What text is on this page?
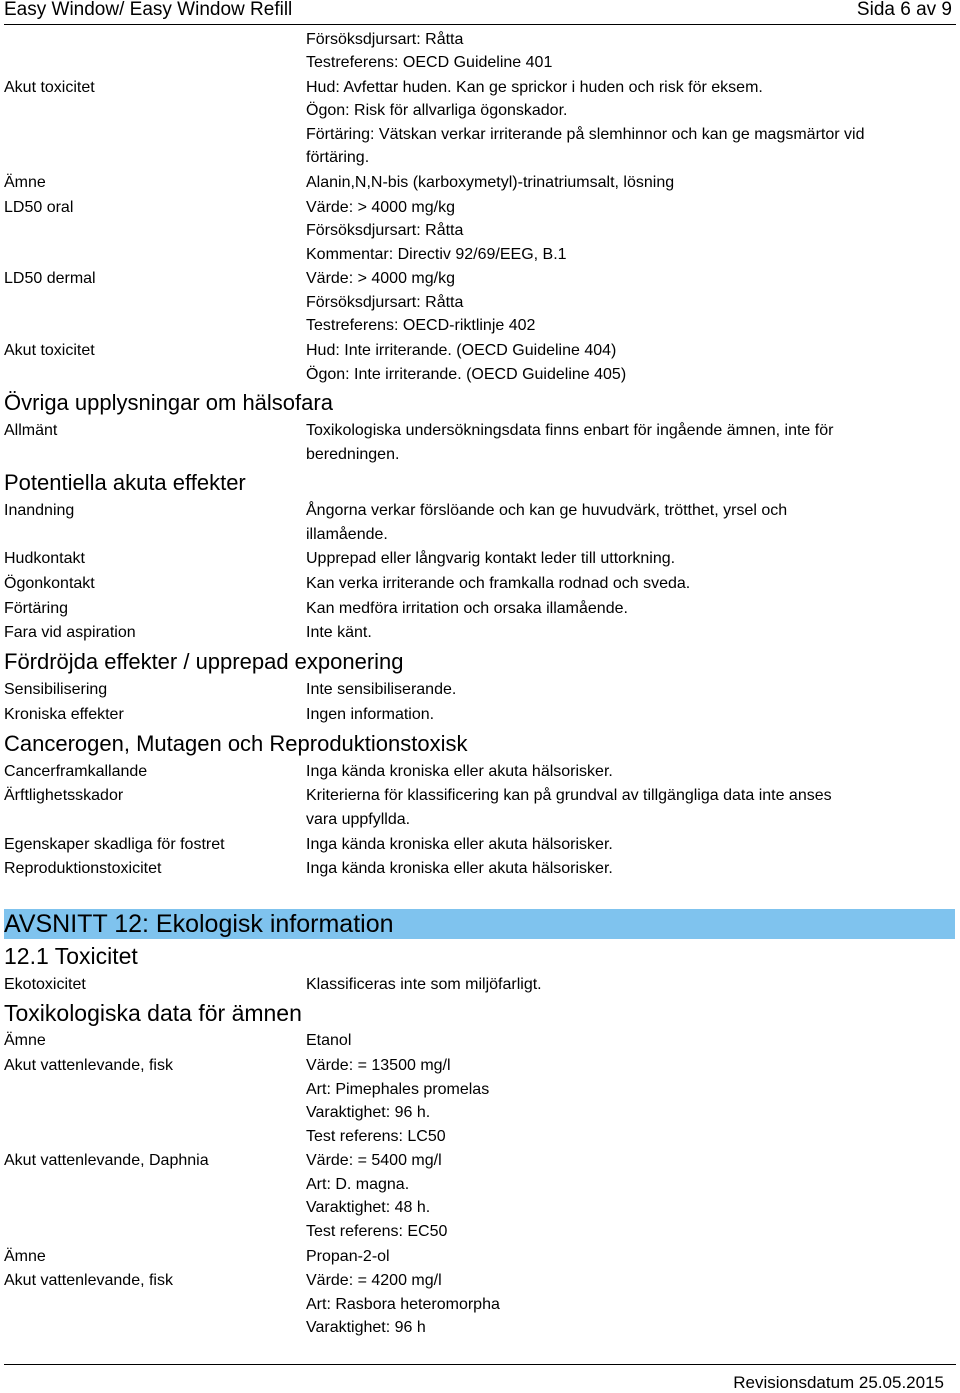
Easy Window/ Easy Window Refill	Sida 6 av 9
Försöksdjursart: Råtta
Testreferens: OECD Guideline 401
Akut toxicitet	Hud: Avfettar huden. Kan ge sprickor i huden och risk för eksem.
Ögon: Risk för allvarliga ögonskador.
Förtäring: Vätskan verkar irriterande på slemhinnor och kan ge magsmärtor vid
förtäring.
Ämne	Alanin,N,N-bis (karboxymetyl)-trinatriumsalt, lösning
LD50 oral	Värde: > 4000 mg/kg
Försöksdjursart: Råtta
Kommentar: Directiv 92/69/EEG, B.1
LD50 dermal	Värde: > 4000 mg/kg
Försöksdjursart: Råtta
Testreferens: OECD-riktlinje 402
Akut toxicitet	Hud: Inte irriterande. (OECD Guideline 404)
Ögon: Inte irriterande. (OECD Guideline 405)
Övriga upplysningar om hälsofara
Allmänt	Toxikologiska undersökningsdata finns enbart för ingående ämnen, inte för
beredningen.
Potentiella akuta effekter
Inandning	Ångorna verkar förslöande och kan ge huvudvärk, trötthet, yrsel och
illamående.
Hudkontakt	Upprepad eller långvarig kontakt leder till uttorkning.
Ögonkontakt	Kan verka irriterande och framkalla rodnad och sveda.
Förtäring	Kan medföra irritation och orsaka illamående.
Fara vid aspiration	Inte känt.
Fördröjda effekter / upprepad exponering
Sensibilisering	Inte sensibiliserande.
Kroniska effekter	Ingen information.
Cancerogen, Mutagen och Reproduktionstoxisk
Cancerframkallande	Inga kända kroniska eller akuta hälsorisker.
Ärftlighetsskador	Kriterierna för klassificering kan på grundval av tillgängliga data inte anses
vara uppfyllda.
Egenskaper skadliga för fostret	Inga kända kroniska eller akuta hälsorisker.
Reproduktionstoxicitet	Inga kända kroniska eller akuta hälsorisker.
AVSNITT 12: Ekologisk information
12.1 Toxicitet
Ekotoxicitet	Klassificeras inte som miljöfarligt.
Toxikologiska data för ämnen
Ämne	Etanol
Akut vattenlevande, fisk	Värde: = 13500 mg/l
Art: Pimephales promelas
Varaktighet: 96 h.
Test referens: LC50
Akut vattenlevande, Daphnia	Värde: = 5400 mg/l
Art: D. magna.
Varaktighet: 48 h.
Test referens: EC50
Ämne	Propan-2-ol
Akut vattenlevande, fisk	Värde: = 4200 mg/l
Art: Rasbora heteromorpha
Varaktighet: 96 h
Revisionsdatum 25.05.2015
